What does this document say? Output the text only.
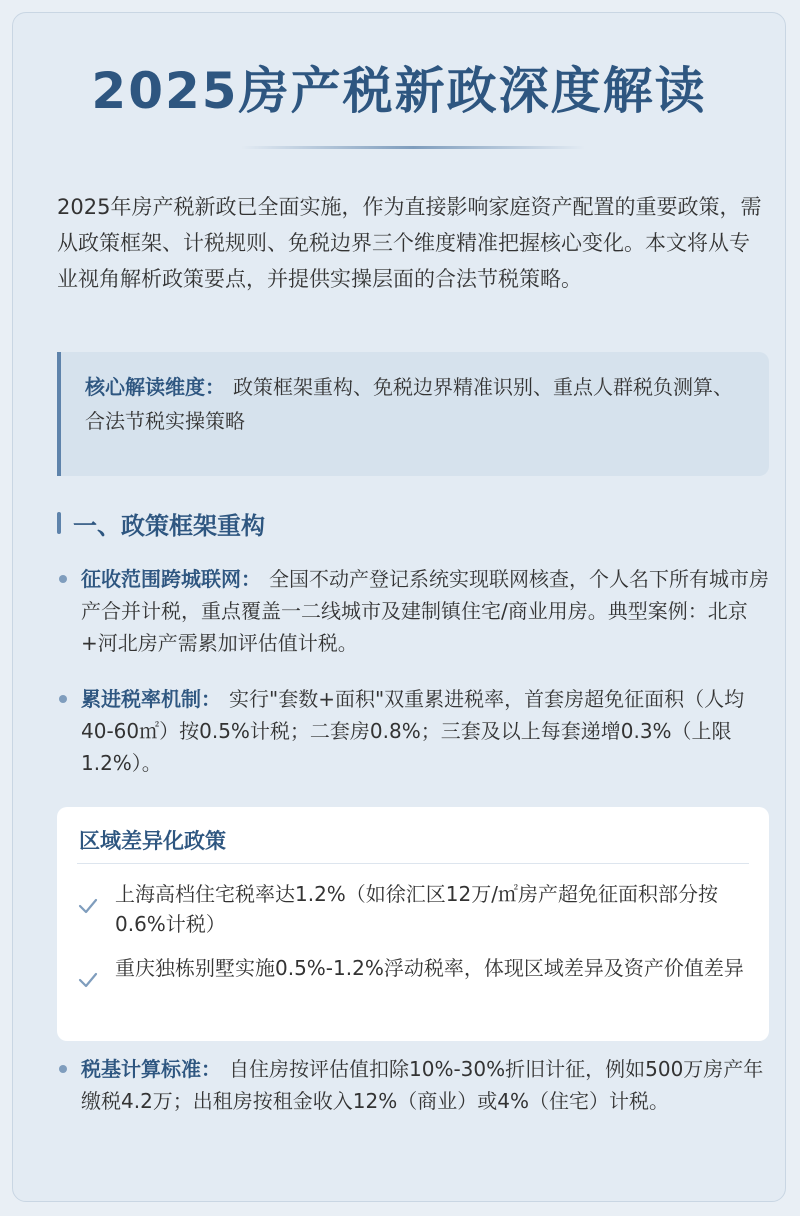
2025房产税新政深度解读

2025年房产税新政已全面实施，作为直接影响家庭资产配置的重要政策，需从政策框架、计税规则、免税边界三个维度精准把握核心变化。本文将从专业视角解析政策要点，并提供实操层面的合法节税策略。

核心解读维度： 政策框架重构、免税边界精准识别、重点人群税负测算、合法节税实操策略
一、政策框架重构
征收范围跨城联网： 全国不动产登记系统实现联网核查，个人名下所有城市房产合并计税，重点覆盖一二线城市及建制镇住宅/商业用房。典型案例：北京+河北房产需累加评估值计税。
累进税率机制： 实行"套数+面积"双重累进税率，首套房超免征面积（人均40-60㎡）按0.5%计税；二套房0.8%；三套及以上每套递增0.3%（上限1.2%）。
区域差异化政策
上海高档住宅税率达1.2%（如徐汇区12万/㎡房产超免征面积部分按0.6%计税）
重庆独栋别墅实施0.5%-1.2%浮动税率，体现区域差异及资产价值差异
税基计算标准： 自住房按评估值扣除10%-30%折旧计征，例如500万房产年缴税4.2万；出租房按租金收入12%（商业）或4%（住宅）计税。
